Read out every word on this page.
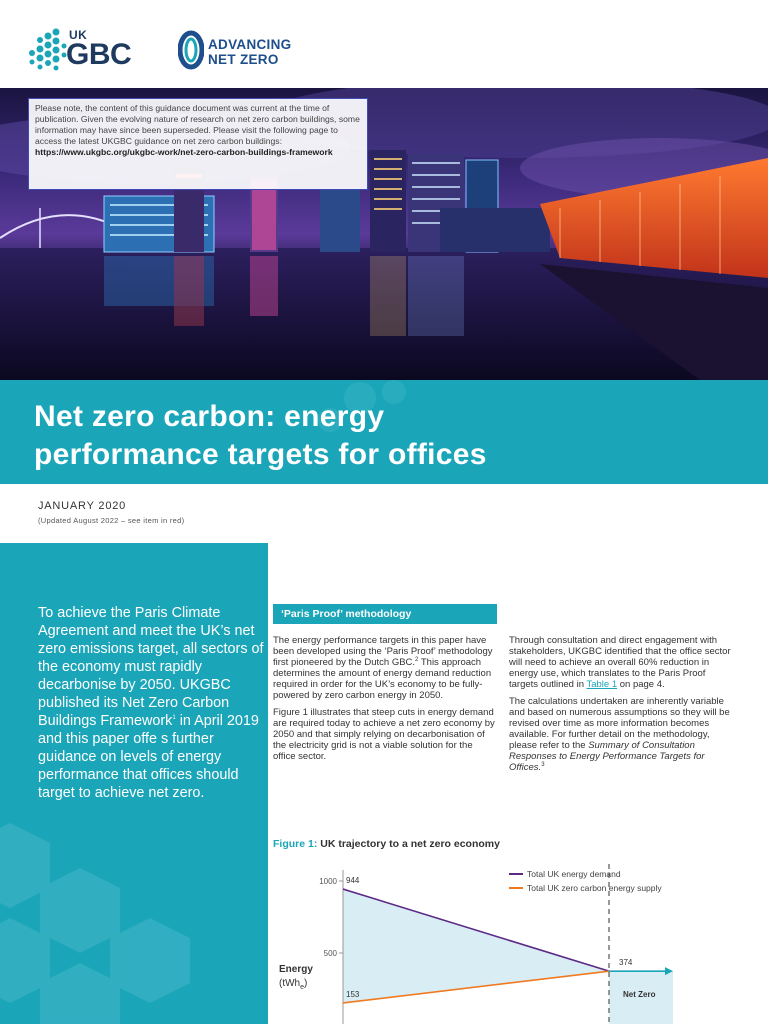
UK
GBC	ADVANCING
NET ZERO
Please note, the content of this guidance document was current at the time of publication. Given the evolving nature of research on net zero carbon buildings, some information may have since been superseded. Please visit the following page to access the latest UKGBC guidance on net zero carbon buildings: https://www.ukgbc.org/ukgbc-work/net-zero-carbon-buildings-framework
Net zero carbon: energy
performance targets for offices
JANUARY 2020
(Updated August 2022 – see item in red)
To achieve the Paris Climate Agreement and meet the UK’s net zero emissions target, all sectors of the economy must rapidly decarbonise by 2050. UKGBC published its Net Zero Carbon Buildings Framework$^1$ in April 2019 and this paper offe s further guidance on levels of energy performance that offices should target to achieve net zero.
‘Paris Proof’ methodology

The energy performance targets in this paper have been developed using the ‘Paris Proof’ methodology first pioneered by the Dutch GBC.$^2$ This approach determines the amount of energy demand reduction required in order for the UK’s economy to be fully-powered by zero carbon energy in 2050.

Figure 1 illustrates that steep cuts in energy demand are required today to achieve a net zero economy by 2050 and that simply relying on decarbonisation of the electricity grid is not a viable solution for the office sector.

Through consultation and direct engagement with stakeholders, UKGBC identified that the office sector will need to achieve an overall 60% reduction in energy use, which translates to the Paris Proof targets outlined in Table 1 on page 4.

The calculations undertaken are inherently variable and based on numerous assumptions so they will be revised over time as more information becomes available. For further detail on the methodology, please refer to the Summary of Consultation Responses to Energy Performance Targets for Offices.$^3$

Figure 1: UK trajectory to a net zero economy
1000
500
944
153
374
Net Zero
Total UK energy demand
Total UK zero carbon energy supply
Energy
(tWh$_e$)
